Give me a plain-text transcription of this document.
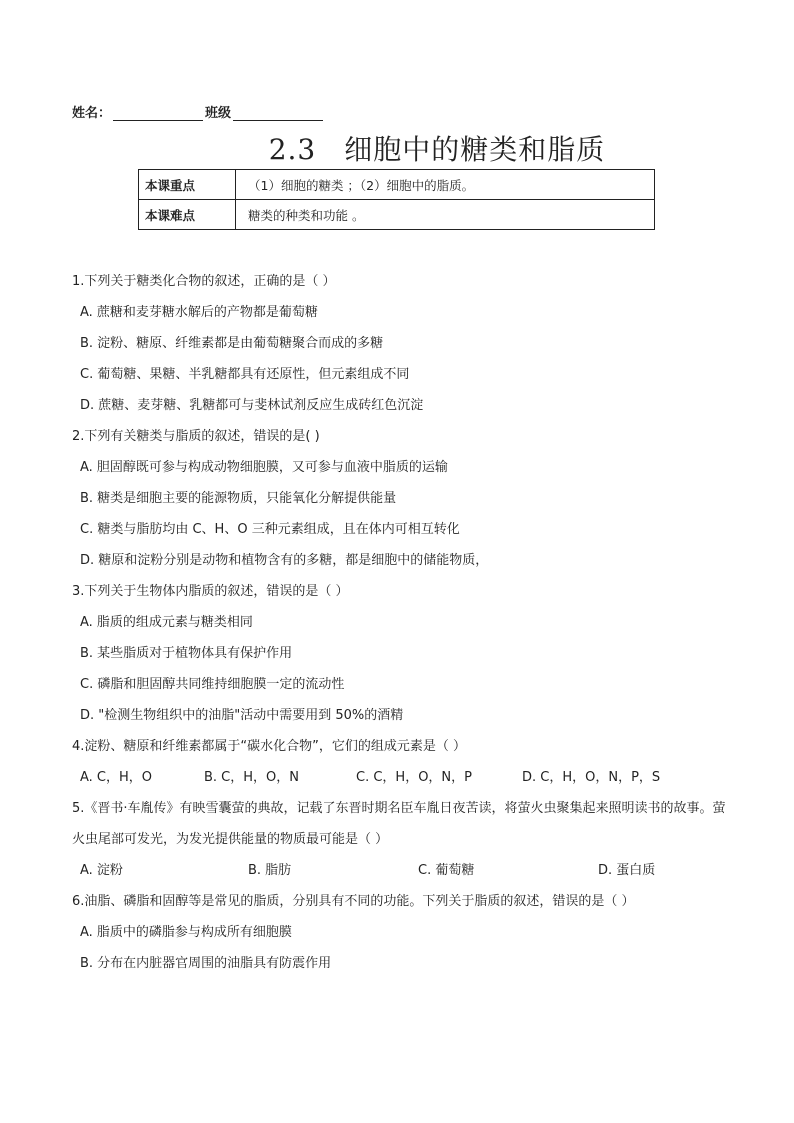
姓名：	班级
2.3 细胞中的糖类和脂质
本课重点	（1）细胞的糖类 ；（2）细胞中的脂质。
本课难点	糖类的种类和功能 。
1.下列关于糖类化合物的叙述，正确的是（ ）
A. 蔗糖和麦芽糖水解后的产物都是葡萄糖
B. 淀粉、糖原、纤维素都是由葡萄糖聚合而成的多糖
C. 葡萄糖、果糖、半乳糖都具有还原性，但元素组成不同
D. 蔗糖、麦芽糖、乳糖都可与斐林试剂反应生成砖红色沉淀
2.下列有关糖类与脂质的叙述，错误的是( )
A. 胆固醇既可参与构成动物细胞膜，又可参与血液中脂质的运输
B. 糖类是细胞主要的能源物质，只能氧化分解提供能量
C. 糖类与脂肪均由 C、H、O 三种元素组成，且在体内可相互转化
D. 糖原和淀粉分别是动物和植物含有的多糖，都是细胞中的储能物质，
3.下列关于生物体内脂质的叙述，错误的是（ ）
A. 脂质的组成元素与糖类相同
B. 某些脂质对于植物体具有保护作用
C. 磷脂和胆固醇共同维持细胞膜一定的流动性
D. "检测生物组织中的油脂"活动中需要用到 50%的酒精
4.淀粉、糖原和纤维素都属于“碳水化合物”，它们的组成元素是（ ）
A. C，H，O	B. C，H，O，N	C. C，H，O，N，P	D. C，H，O，N，P，S
5.《晋书·车胤传》有映雪囊萤的典故，记载了东晋时期名臣车胤日夜苦读，将萤火虫聚集起来照明读书的故事。萤火虫尾部可发光，为发光提供能量的物质最可能是（ ）
A. 淀粉	B. 脂肪	C. 葡萄糖	D. 蛋白质
6.油脂、磷脂和固醇等是常见的脂质，分别具有不同的功能。下列关于脂质的叙述，错误的是（ ）
A. 脂质中的磷脂参与构成所有细胞膜
B. 分布在内脏器官周围的油脂具有防震作用
